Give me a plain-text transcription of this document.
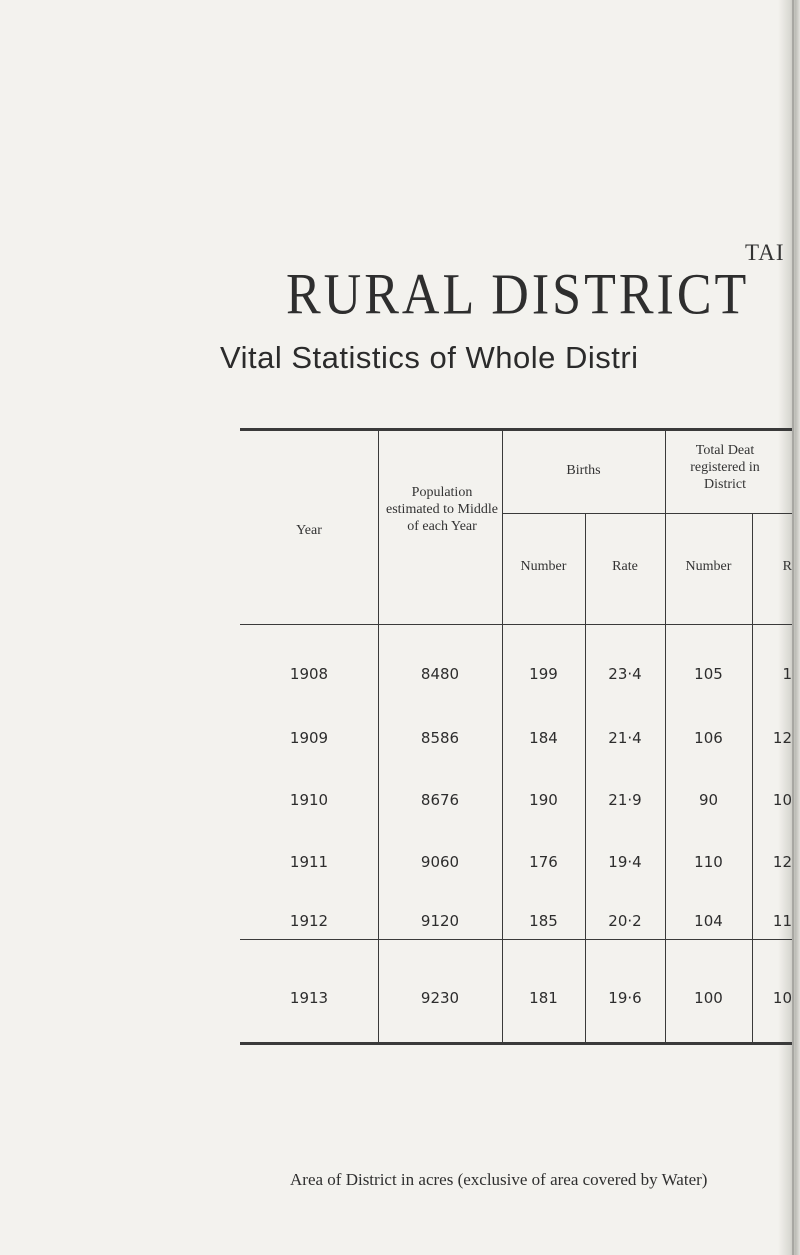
TAI
RURAL DISTRICT
Vital Statistics of Whole Distri
Year
Population estimated to Middle of each Year
Births
Number	Rate
Total Deat registered in District
Number	R
1908	8480	199	23·4	105	1
1909	8586	184	21·4	106	12
1910	8676	190	21·9	90	10
1911	9060	176	19·4	110	12
1912	9120	185	20·2	104	11
1913	9230	181	19·6	100	10
Area of District in acres (exclusive of area covered by Water)
